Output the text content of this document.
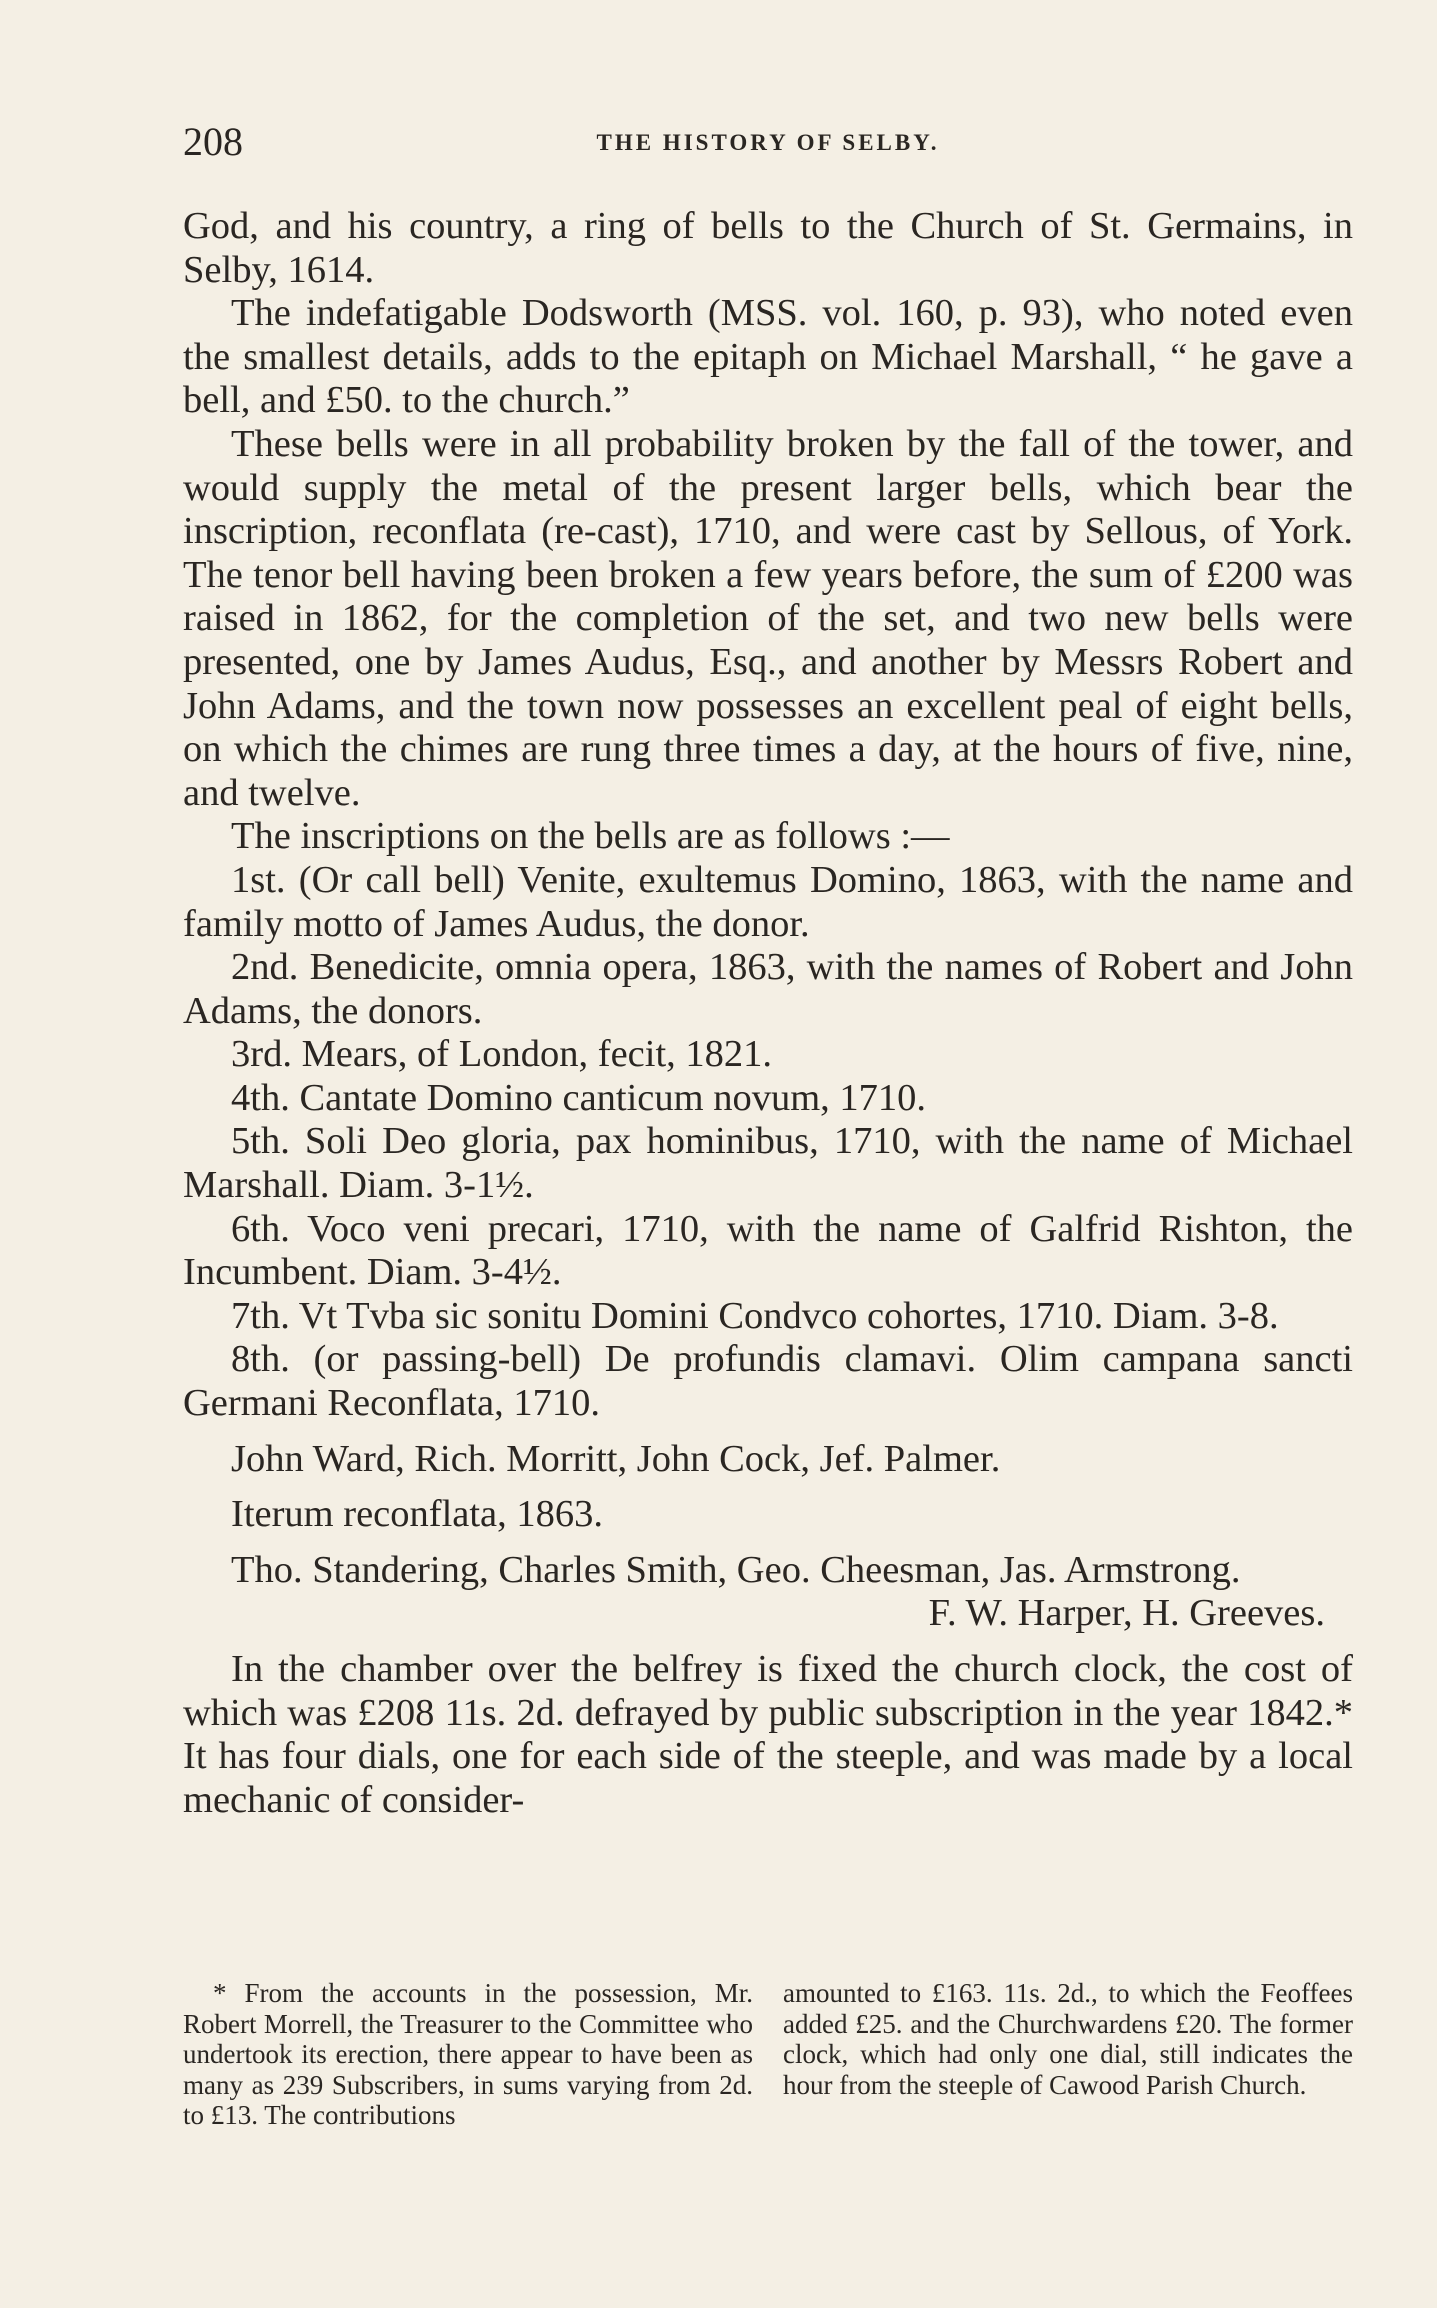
208	THE HISTORY OF SELBY.

God, and his country, a ring of bells to the Church of St. Germains, in Selby, 1614.

The indefatigable Dodsworth (MSS. vol. 160, p. 93), who noted even the smallest details, adds to the epitaph on Michael Marshall, “ he gave a bell, and £50. to the church.”

These bells were in all probability broken by the fall of the tower, and would supply the metal of the present larger bells, which bear the inscription, reconflata (re-cast), 1710, and were cast by Sellous, of York. The tenor bell having been broken a few years before, the sum of £200 was raised in 1862, for the completion of the set, and two new bells were presented, one by James Audus, Esq., and another by Messrs Robert and John Adams, and the town now possesses an excellent peal of eight bells, on which the chimes are rung three times a day, at the hours of five, nine, and twelve.

The inscriptions on the bells are as follows :—

1st. (Or call bell) Venite, exultemus Domino, 1863, with the name and family motto of James Audus, the donor.

2nd. Benedicite, omnia opera, 1863, with the names of Robert and John Adams, the donors.

3rd. Mears, of London, fecit, 1821.

4th. Cantate Domino canticum novum, 1710.

5th. Soli Deo gloria, pax hominibus, 1710, with the name of Michael Marshall. Diam. 3-1½.

6th. Voco veni precari, 1710, with the name of Galfrid Rishton, the Incumbent. Diam. 3-4½.

7th. Vt Tvba sic sonitu Domini Condvco cohortes, 1710. Diam. 3-8.

8th. (or passing-bell) De profundis clamavi. Olim campana sancti Germani Reconflata, 1710.

John Ward, Rich. Morritt, John Cock, Jef. Palmer.

Iterum reconflata, 1863.

Tho. Standering, Charles Smith, Geo. Cheesman, Jas. Armstrong.

F. W. Harper, H. Greeves.

In the chamber over the belfrey is fixed the church clock, the cost of which was £208 11s. 2d. defrayed by public subscription in the year 1842.* It has four dials, one for each side of the steeple, and was made by a local mechanic of consider-

* From the accounts in the possession, Mr. Robert Morrell, the Treasurer to the Committee who undertook its erection, there appear to have been as many as 239 Subscribers, in sums varying from 2d. to £13. The contributions

amounted to £163. 11s. 2d., to which the Feoffees added £25. and the Churchwardens £20. The former clock, which had only one dial, still indicates the hour from the steeple of Cawood Parish Church.
